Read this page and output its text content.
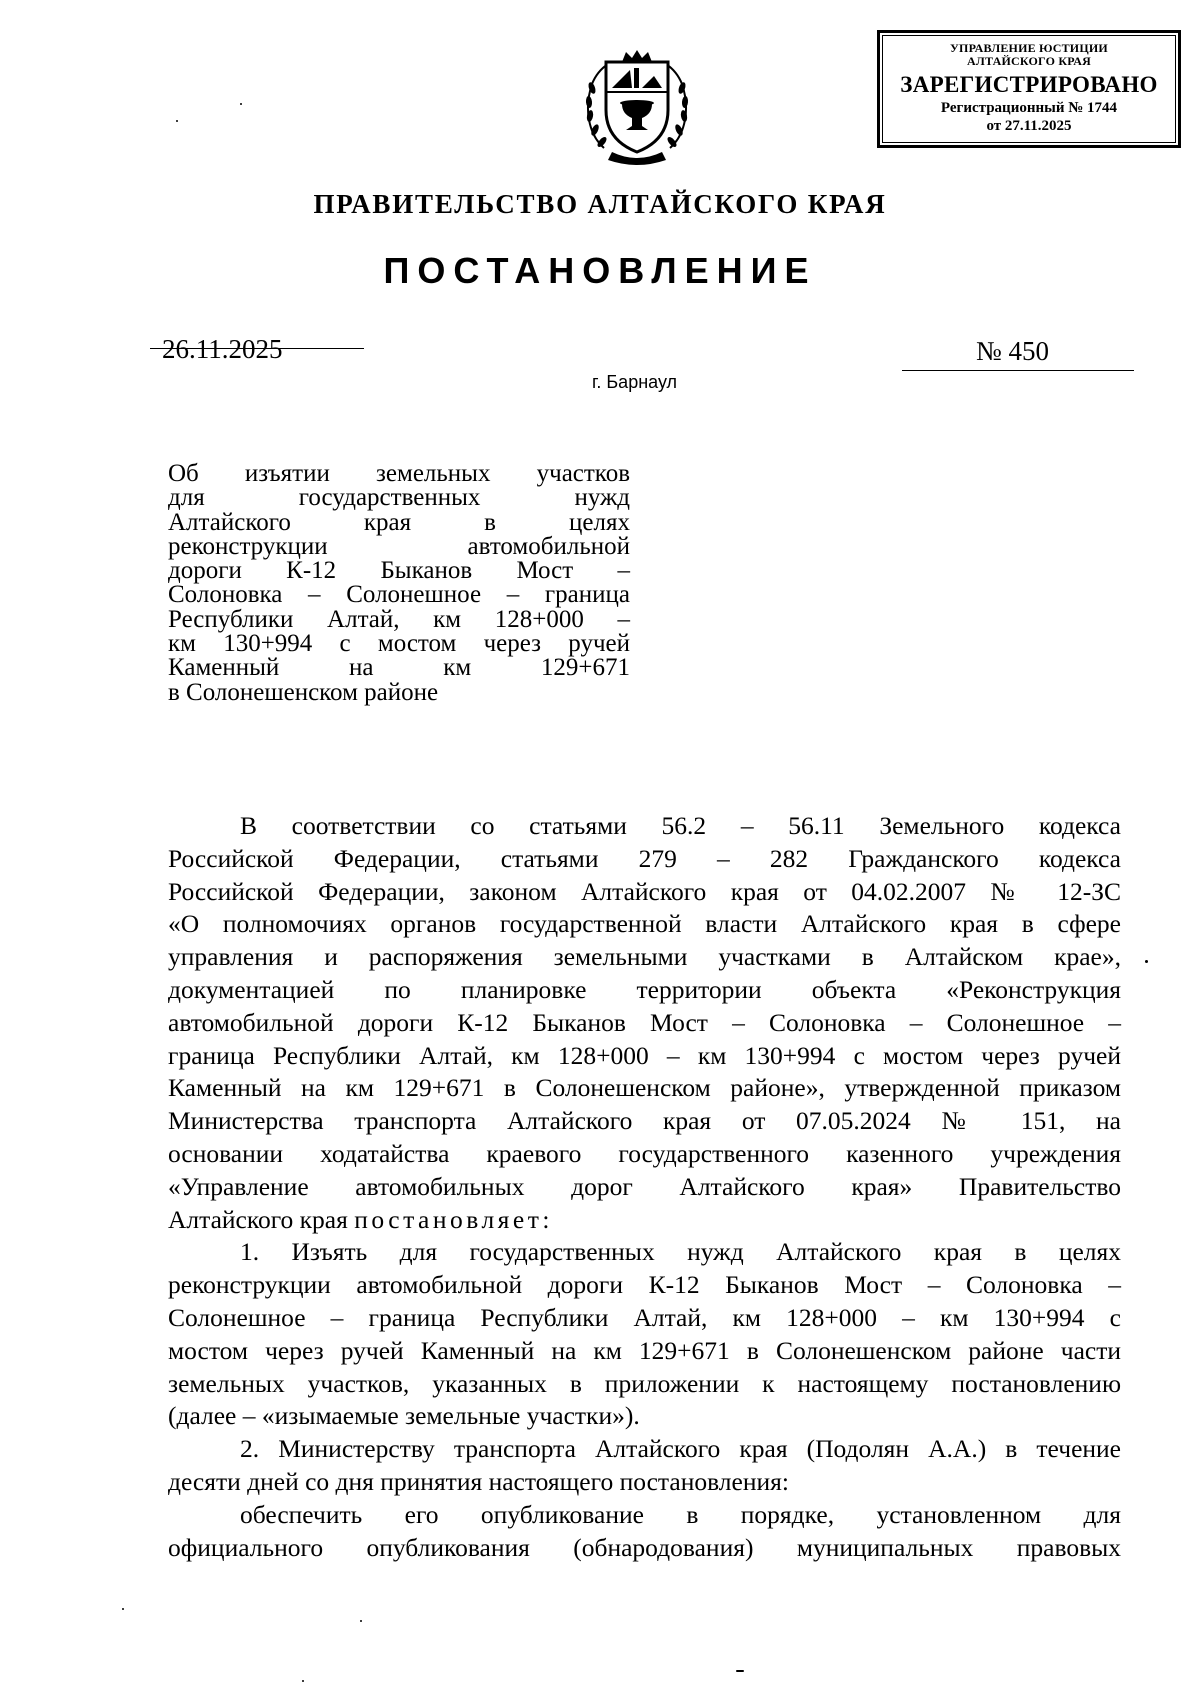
УПРАВЛЕНИЕ ЮСТИЦИИ
АЛТАЙСКОГО КРАЯ
ЗАРЕГИСТРИРОВАНО
Регистрационный № 1744
от 27.11.2025
ПРАВИТЕЛЬСТВО АЛТАЙСКОГО КРАЯ
ПОСТАНОВЛЕНИЕ
26.11.2025	№ 450
г. Барнаул
Об изъятии земельных участков
для государственных нужд
Алтайского края в целях
реконструкции автомобильной
дороги К-12 Быканов Мост –
Солоновка – Солонешное – граница
Республики Алтай, км 128+000 –
км 130+994 с мостом через ручей
Каменный на км 129+671
в Солонешенском районе
В соответствии со статьями 56.2 – 56.11 Земельного кодекса
Российской Федерации, статьями 279 – 282 Гражданского кодекса
Российской Федерации, законом Алтайского края от 04.02.2007 № 12-ЗС
«О полномочиях органов государственной власти Алтайского края в сфере
управления и распоряжения земельными участками в Алтайском крае»,
документацией по планировке территории объекта «Реконструкция
автомобильной дороги К-12 Быканов Мост – Солоновка – Солонешное –
граница Республики Алтай, км 128+000 – км 130+994 с мостом через ручей
Каменный на км 129+671 в Солонешенском районе», утвержденной приказом
Министерства транспорта Алтайского края от 07.05.2024 № 151, на
основании ходатайства краевого государственного казенного учреждения
«Управление автомобильных дорог Алтайского края» Правительство
Алтайского края постановляет:
1. Изъять для государственных нужд Алтайского края в целях
реконструкции автомобильной дороги К-12 Быканов Мост – Солоновка –
Солонешное – граница Республики Алтай, км 128+000 – км 130+994 с
мостом через ручей Каменный на км 129+671 в Солонешенском районе части
земельных участков, указанных в приложении к настоящему постановлению
(далее – «изымаемые земельные участки»).
2. Министерству транспорта Алтайского края (Подолян А.А.) в течение
десяти дней со дня принятия настоящего постановления:
обеспечить его опубликование в порядке, установленном для
официального опубликования (обнародования) муниципальных правовых
